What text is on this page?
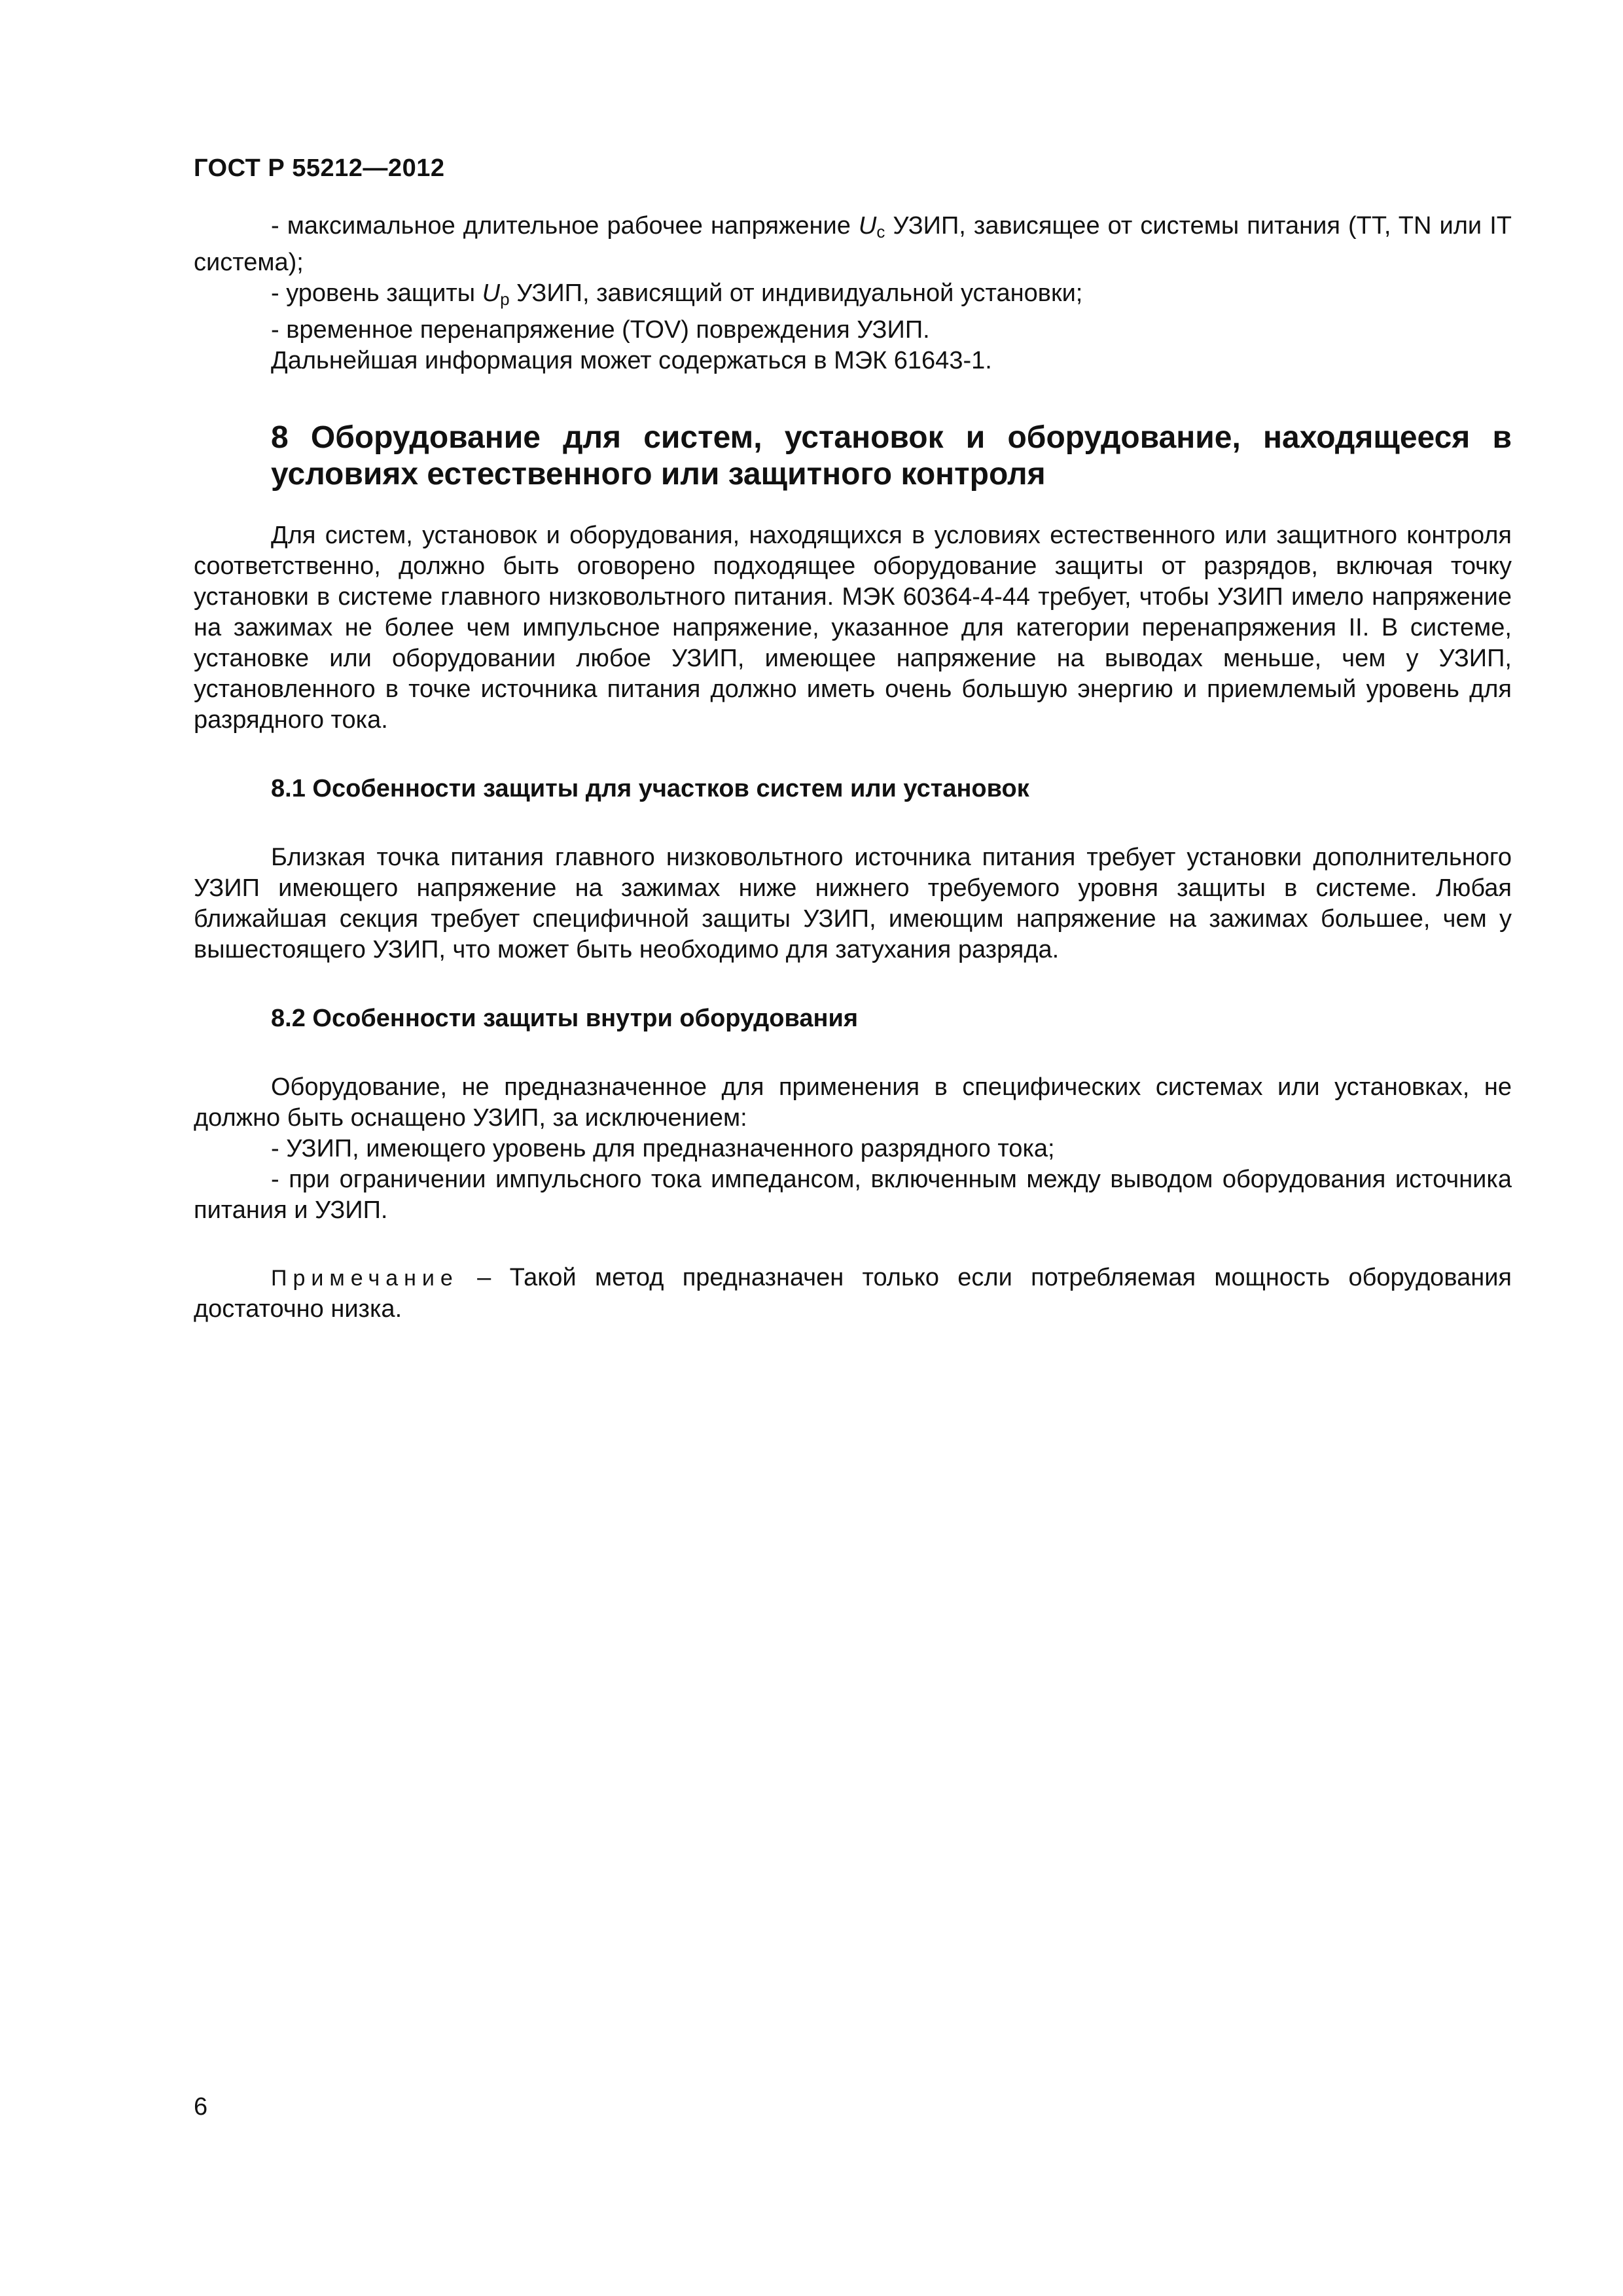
ГОСТ Р 55212—2012

- максимальное длительное рабочее напряжение $U_c$ УЗИП, зависящее от системы питания (TT, TN или IT система);

- уровень защиты $U_p$ УЗИП, зависящий от индивидуальной установки;

- временное перенапряжение (TOV) повреждения УЗИП.

Дальнейшая информация может содержаться в МЭК 61643-1.

8 Оборудование для систем, установок и оборудование, находящееся в условиях естественного или защитного контроля

Для систем, установок и оборудования, находящихся в условиях естественного или защитного контроля соответственно, должно быть оговорено подходящее оборудование защиты от разрядов, включая точку установки в системе главного низковольтного питания. МЭК 60364-4-44 требует, чтобы УЗИП имело напряжение на зажимах не более чем импульсное напряжение, указанное для категории перенапряжения II. В системе, установке или оборудовании любое УЗИП, имеющее напряжение на выводах меньше, чем у УЗИП, установленного в точке источника питания должно иметь очень большую энергию и приемлемый уровень для разрядного тока.

8.1 Особенности защиты для участков систем или установок

Близкая точка питания главного низковольтного источника питания требует установки дополнительного УЗИП имеющего напряжение на зажимах ниже нижнего требуемого уровня защиты в системе. Любая ближайшая секция требует специфичной защиты УЗИП, имеющим напряжение на зажимах большее, чем у вышестоящего УЗИП, что может быть необходимо для затухания разряда.

8.2 Особенности защиты внутри оборудования

Оборудование, не предназначенное для применения в специфических системах или установках, не должно быть оснащено УЗИП, за исключением:

- УЗИП, имеющего уровень для предназначенного разрядного тока;

- при ограничении импульсного тока импедансом, включенным между выводом оборудования источника питания и УЗИП.

Примечание – Такой метод предназначен только если потребляемая мощность оборудования достаточно низка.

6
